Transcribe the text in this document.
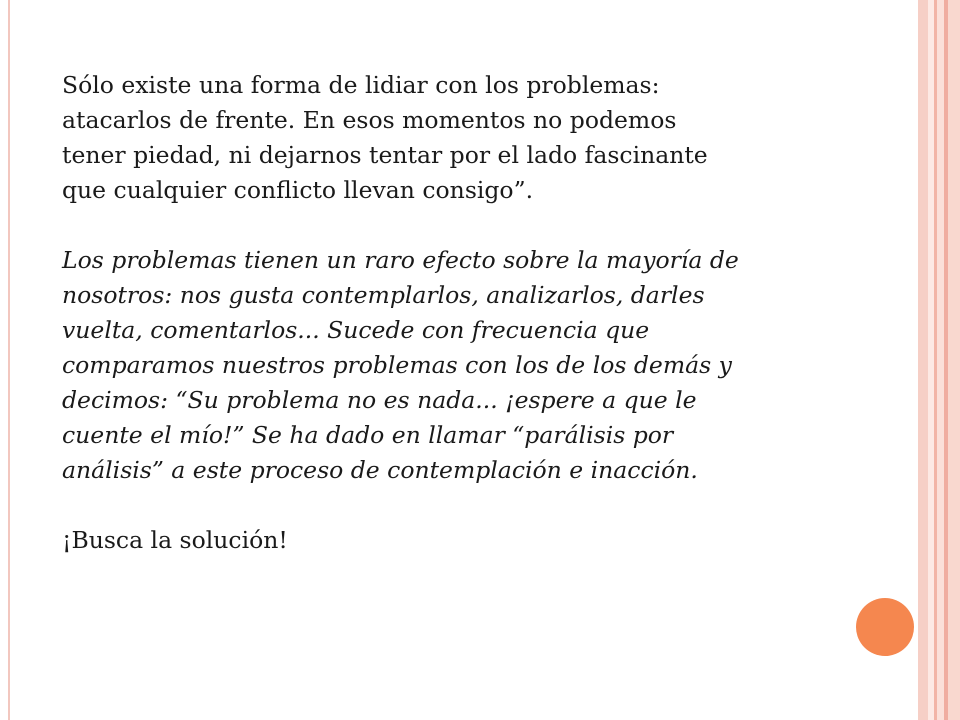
Sólo existe una forma de lidiar con los problemas:
atacarlos de frente. En esos momentos no podemos
tener piedad, ni dejarnos tentar por el lado fascinante
que cualquier conflicto llevan consigo”.

Los problemas tienen un raro efecto sobre la mayoría de
nosotros: nos gusta contemplarlos, analizarlos, darles
vuelta, comentarlos... Sucede con frecuencia que
comparamos nuestros problemas con los de los demás y
decimos: “Su problema no es nada... ¡espere a que le
cuente el mío!” Se ha dado en llamar “parálisis por
análisis” a este proceso de contemplación e inacción.

¡Busca la solución!
